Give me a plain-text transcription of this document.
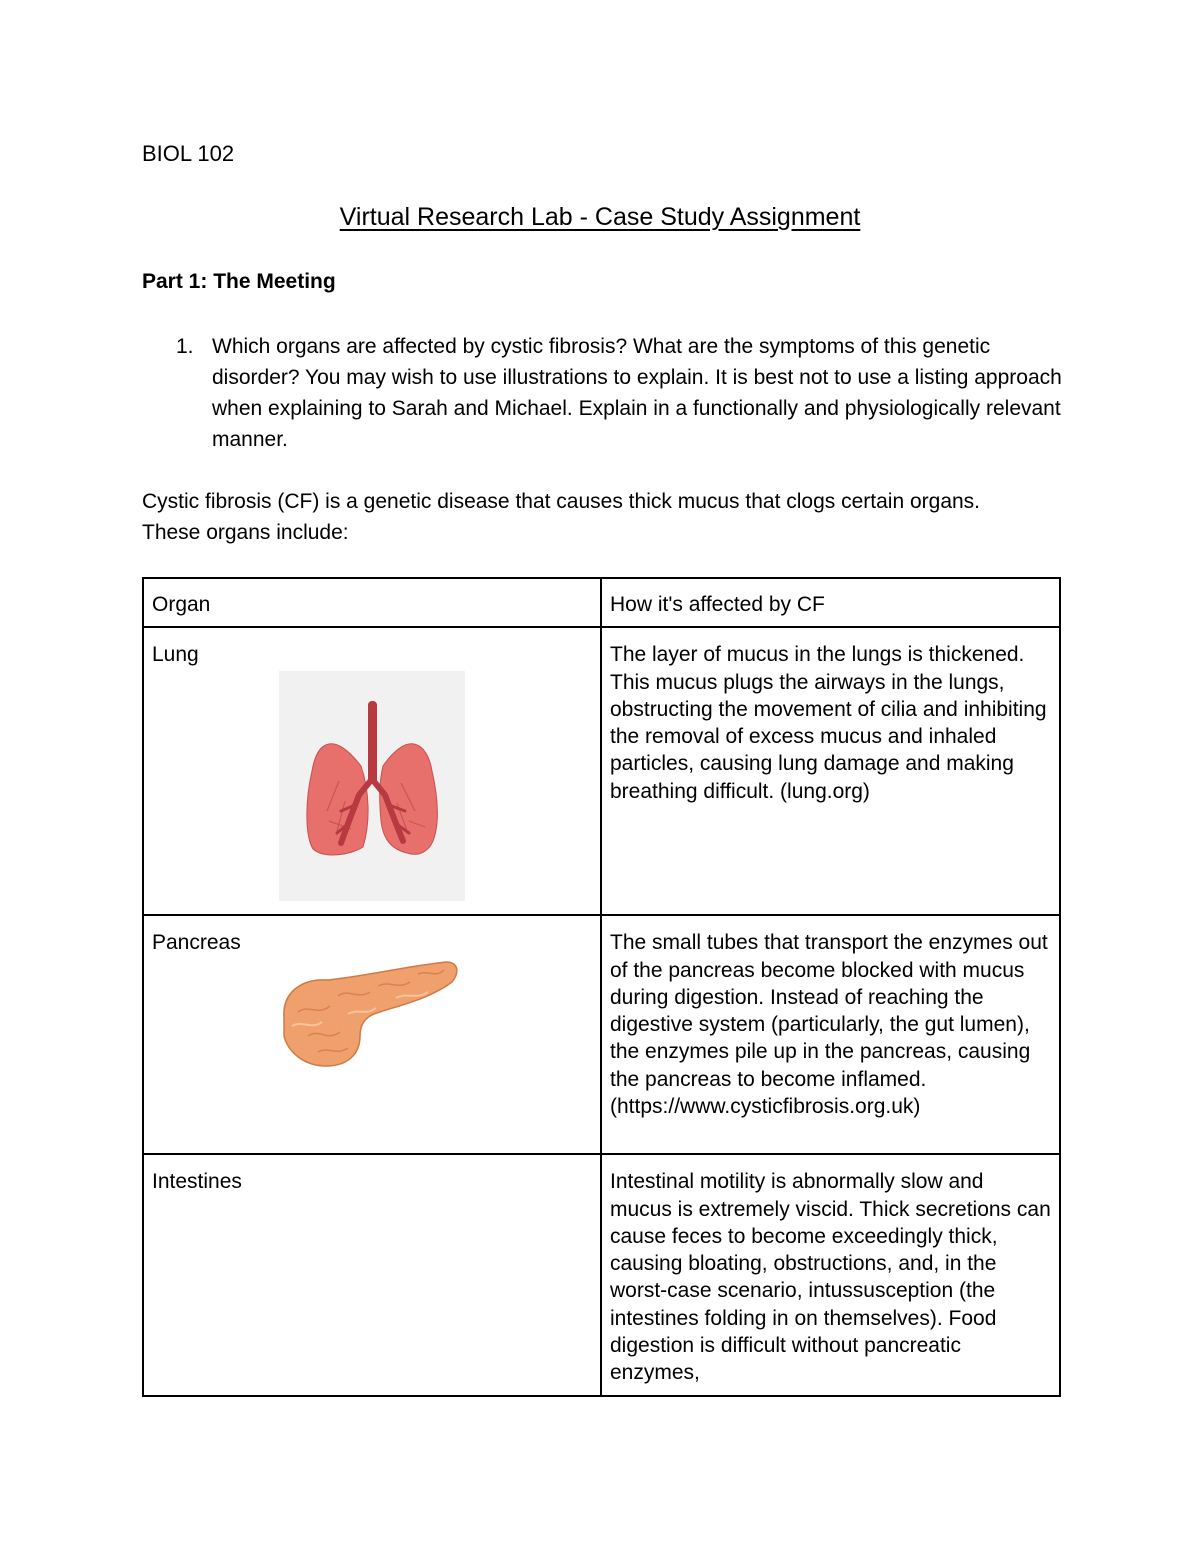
BIOL 102
Virtual Research Lab - Case Study Assignment
Part 1: The Meeting
1. Which organs are affected by cystic fibrosis? What are the symptoms of this genetic disorder? You may wish to use illustrations to explain. It is best not to use a listing approach when explaining to Sarah and Michael. Explain in a functionally and physiologically relevant manner.
Cystic fibrosis (CF) is a genetic disease that causes thick mucus that clogs certain organs. These organs include:
Organ	How it's affected by CF
Lung	The layer of mucus in the lungs is thickened. This mucus plugs the airways in the lungs, obstructing the movement of cilia and inhibiting the removal of excess mucus and inhaled particles, causing lung damage and making breathing difficult. (lung.org)
Pancreas	The small tubes that transport the enzymes out of the pancreas become blocked with mucus during digestion. Instead of reaching the digestive system (particularly, the gut lumen), the enzymes pile up in the pancreas, causing the pancreas to become inflamed. (https://www.cysticfibrosis.org.uk)
Intestines	Intestinal motility is abnormally slow and mucus is extremely viscid. Thick secretions can cause feces to become exceedingly thick, causing bloating, obstructions, and, in the worst-case scenario, intussusception (the intestines folding in on themselves). Food digestion is difficult without pancreatic enzymes,
